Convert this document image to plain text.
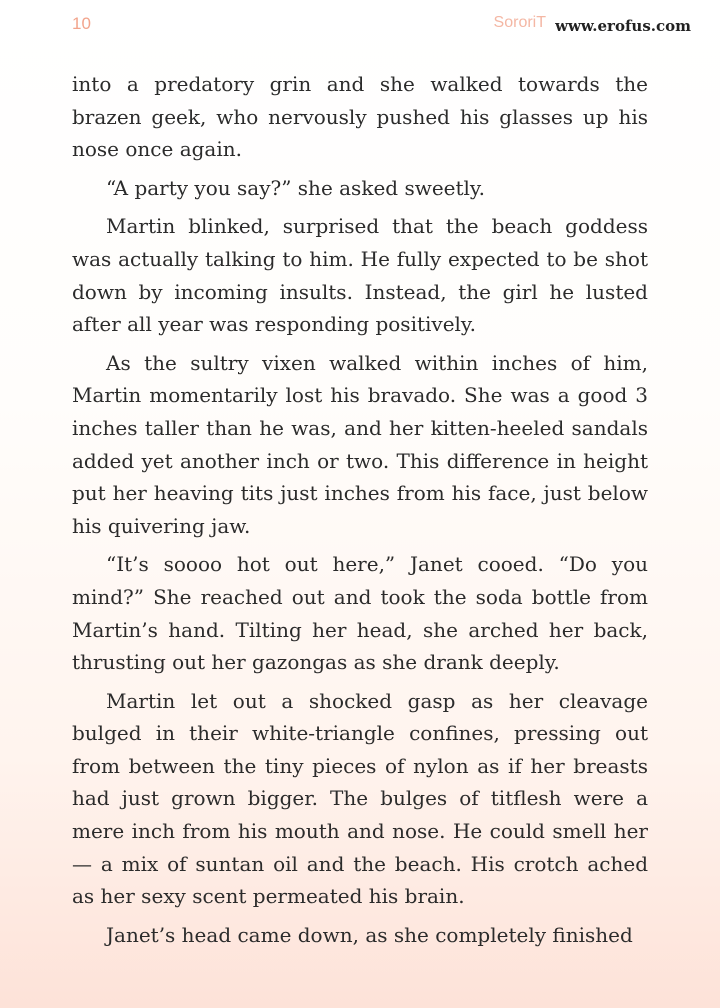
10	SororiT www.erofus.com

into a predatory grin and she walked towards the brazen geek, who nervously pushed his glasses up his nose once again.

“A party you say?” she asked sweetly.

Martin blinked, surprised that the beach goddess was actually talking to him. He fully expected to be shot down by incoming insults. Instead, the girl he lusted after all year was responding positively.

As the sultry vixen walked within inches of him, Martin momentarily lost his bravado. She was a good 3 inches taller than he was, and her kitten-heeled sandals added yet another inch or two. This difference in height put her heaving tits just inches from his face, just below his quivering jaw.

“It’s soooo hot out here,” Janet cooed. “Do you mind?” She reached out and took the soda bottle from Martin’s hand. Tilting her head, she arched her back, thrusting out her gazongas as she drank deeply.

Martin let out a shocked gasp as her cleavage bulged in their white-triangle confines, pressing out from between the tiny pieces of nylon as if her breasts had just grown bigger. The bulges of titflesh were a mere inch from his mouth and nose. He could smell her — a mix of suntan oil and the beach. His crotch ached as her sexy scent permeated his brain.

Janet’s head came down, as she completely finished
